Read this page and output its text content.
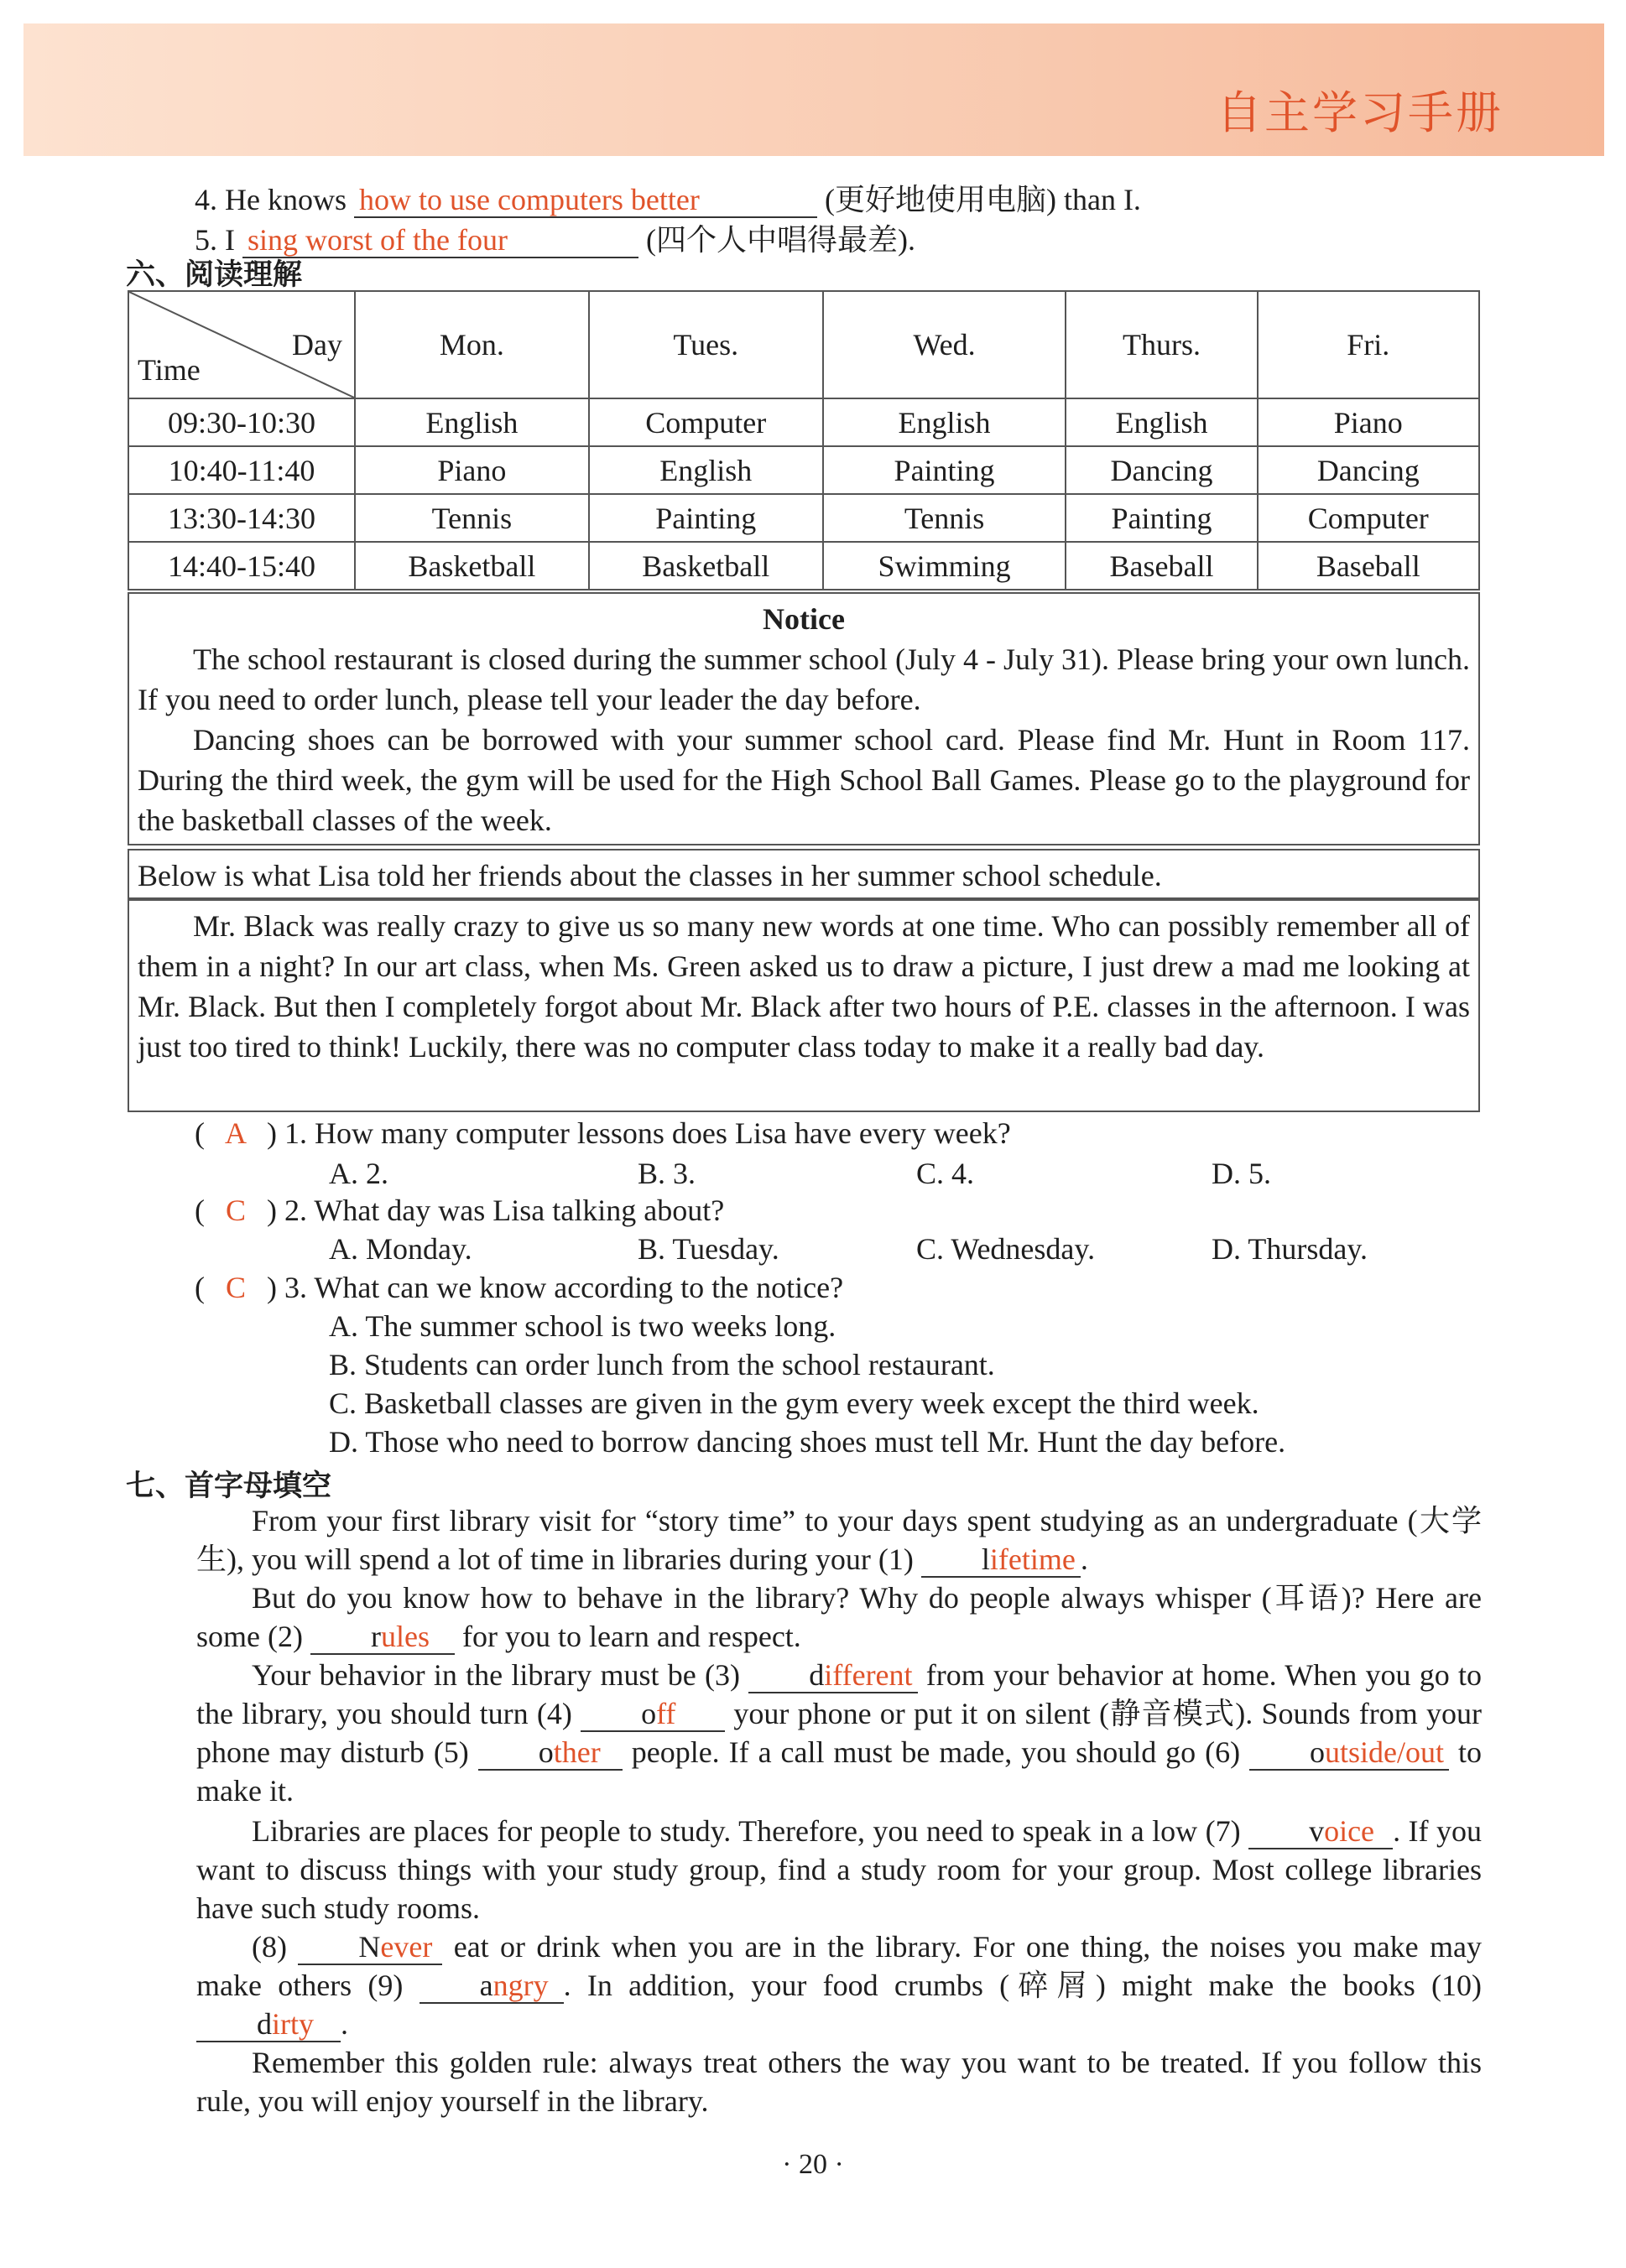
自主学习手册
4. He knows how to use computers better	(更好地使用电脑) than I.
5. I sing worst of the four	(四个人中唱得最差).
六、阅读理解
Day
Time	Mon.	Tues.	Wed.	Thurs.	Fri.
09:30-10:30	English	Computer	English	English	Piano
10:40-11:40	Piano	English	Painting	Dancing	Dancing
13:30-14:30	Tennis	Painting	Tennis	Painting	Computer
14:40-15:40	Basketball	Basketball	Swimming	Baseball	Baseball
Notice

The school restaurant is closed during the summer school (July 4 - July 31). Please bring your own lunch. If you need to order lunch, please tell your leader the day before.

Dancing shoes can be borrowed with your summer school card. Please find Mr. Hunt in Room 117. During the third week, the gym will be used for the High School Ball Games. Please go to the playground for the basketball classes of the week.

Below is what Lisa told her friends about the classes in her summer school schedule.

Mr. Black was really crazy to give us so many new words at one time. Who can possibly remember all of them in a night? In our art class, when Ms. Green asked us to draw a picture, I just drew a mad me looking at Mr. Black. But then I completely forgot about Mr. Black after two hours of P.E. classes in the afternoon. I was just too tired to think! Luckily, there was no computer class today to make it a really bad day.

( A ) 1. How many computer lessons does Lisa have every week?
A. 2.	B. 3.	C. 4.	D. 5.
( C ) 2. What day was Lisa talking about?
A. Monday.	B. Tuesday.	C. Wednesday.	D. Thursday.
( C ) 3. What can we know according to the notice?
A. The summer school is two weeks long.
B. Students can order lunch from the school restaurant.
C. Basketball classes are given in the gym every week except the third week.
D. Those who need to borrow dancing shoes must tell Mr. Hunt the day before.
七、首字母填空

From your first library visit for “story time” to your days spent studying as an undergraduate (大学生), you will spend a lot of time in libraries during your (1) lifetime .

But do you know how to behave in the library? Why do people always whisper (耳语)? Here are some (2) rules for you to learn and respect.

Your behavior in the library must be (3) different from your behavior at home. When you go to the library, you should turn (4) off your phone or put it on silent (静音模式). Sounds from your phone may disturb (5) other people. If a call must be made, you should go (6) outside/out to make it.

Libraries are places for people to study. Therefore, you need to speak in a low (7) voice . If you want to discuss things with your study group, find a study room for your group. Most college libraries have such study rooms.

(8) Never eat or drink when you are in the library. For one thing, the noises you make may make others (9) angry . In addition, your food crumbs (碎屑) might make the books (10) dirty .

Remember this golden rule: always treat others the way you want to be treated. If you follow this rule, you will enjoy yourself in the library.

· 20 ·
